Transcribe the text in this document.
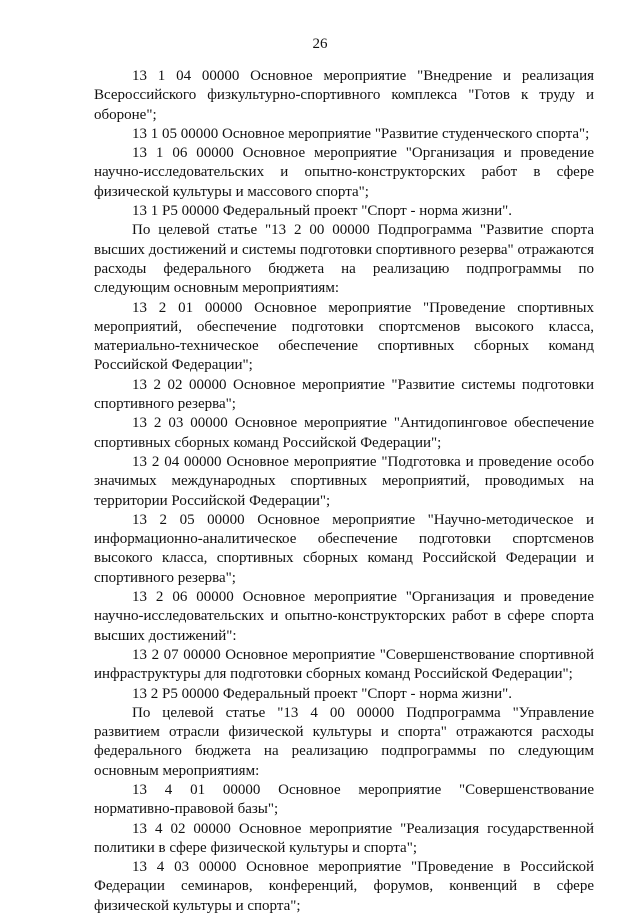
26

13 1 04 00000 Основное мероприятие "Внедрение и реализация Всероссийского физкультурно-спортивного комплекса "Готов к труду и обороне";

13 1 05 00000 Основное мероприятие "Развитие студенческого спорта";

13 1 06 00000 Основное мероприятие "Организация и проведение научно-исследовательских и опытно-конструкторских работ в сфере физической культуры и массового спорта";

13 1 P5 00000 Федеральный проект "Спорт - норма жизни".

По целевой статье "13 2 00 00000 Подпрограмма "Развитие спорта высших достижений и системы подготовки спортивного резерва" отражаются расходы федерального бюджета на реализацию подпрограммы по следующим основным мероприятиям:

13 2 01 00000 Основное мероприятие "Проведение спортивных мероприятий, обеспечение подготовки спортсменов высокого класса, материально-техническое обеспечение спортивных сборных команд Российской Федерации";

13 2 02 00000 Основное мероприятие "Развитие системы подготовки спортивного резерва";

13 2 03 00000 Основное мероприятие "Антидопинговое обеспечение спортивных сборных команд Российской Федерации";

13 2 04 00000 Основное мероприятие "Подготовка и проведение особо значимых международных спортивных мероприятий, проводимых на территории Российской Федерации";

13 2 05 00000 Основное мероприятие "Научно-методическое и информационно-аналитическое обеспечение подготовки спортсменов высокого класса, спортивных сборных команд Российской Федерации и спортивного резерва";

13 2 06 00000 Основное мероприятие "Организация и проведение научно-исследовательских и опытно-конструкторских работ в сфере спорта высших достижений":

13 2 07 00000 Основное мероприятие "Совершенствование спортивной инфраструктуры для подготовки сборных команд Российской Федерации";

13 2 P5 00000 Федеральный проект "Спорт - норма жизни".

По целевой статье "13 4 00 00000 Подпрограмма "Управление развитием отрасли физической культуры и спорта" отражаются расходы федерального бюджета на реализацию подпрограммы по следующим основным мероприятиям:

13 4 01 00000 Основное мероприятие "Совершенствование нормативно-правовой базы";

13 4 02 00000 Основное мероприятие "Реализация государственной политики в сфере физической культуры и спорта";

13 4 03 00000 Основное мероприятие "Проведение в Российской Федерации семинаров, конференций, форумов, конвенций в сфере физической культуры и спорта";
